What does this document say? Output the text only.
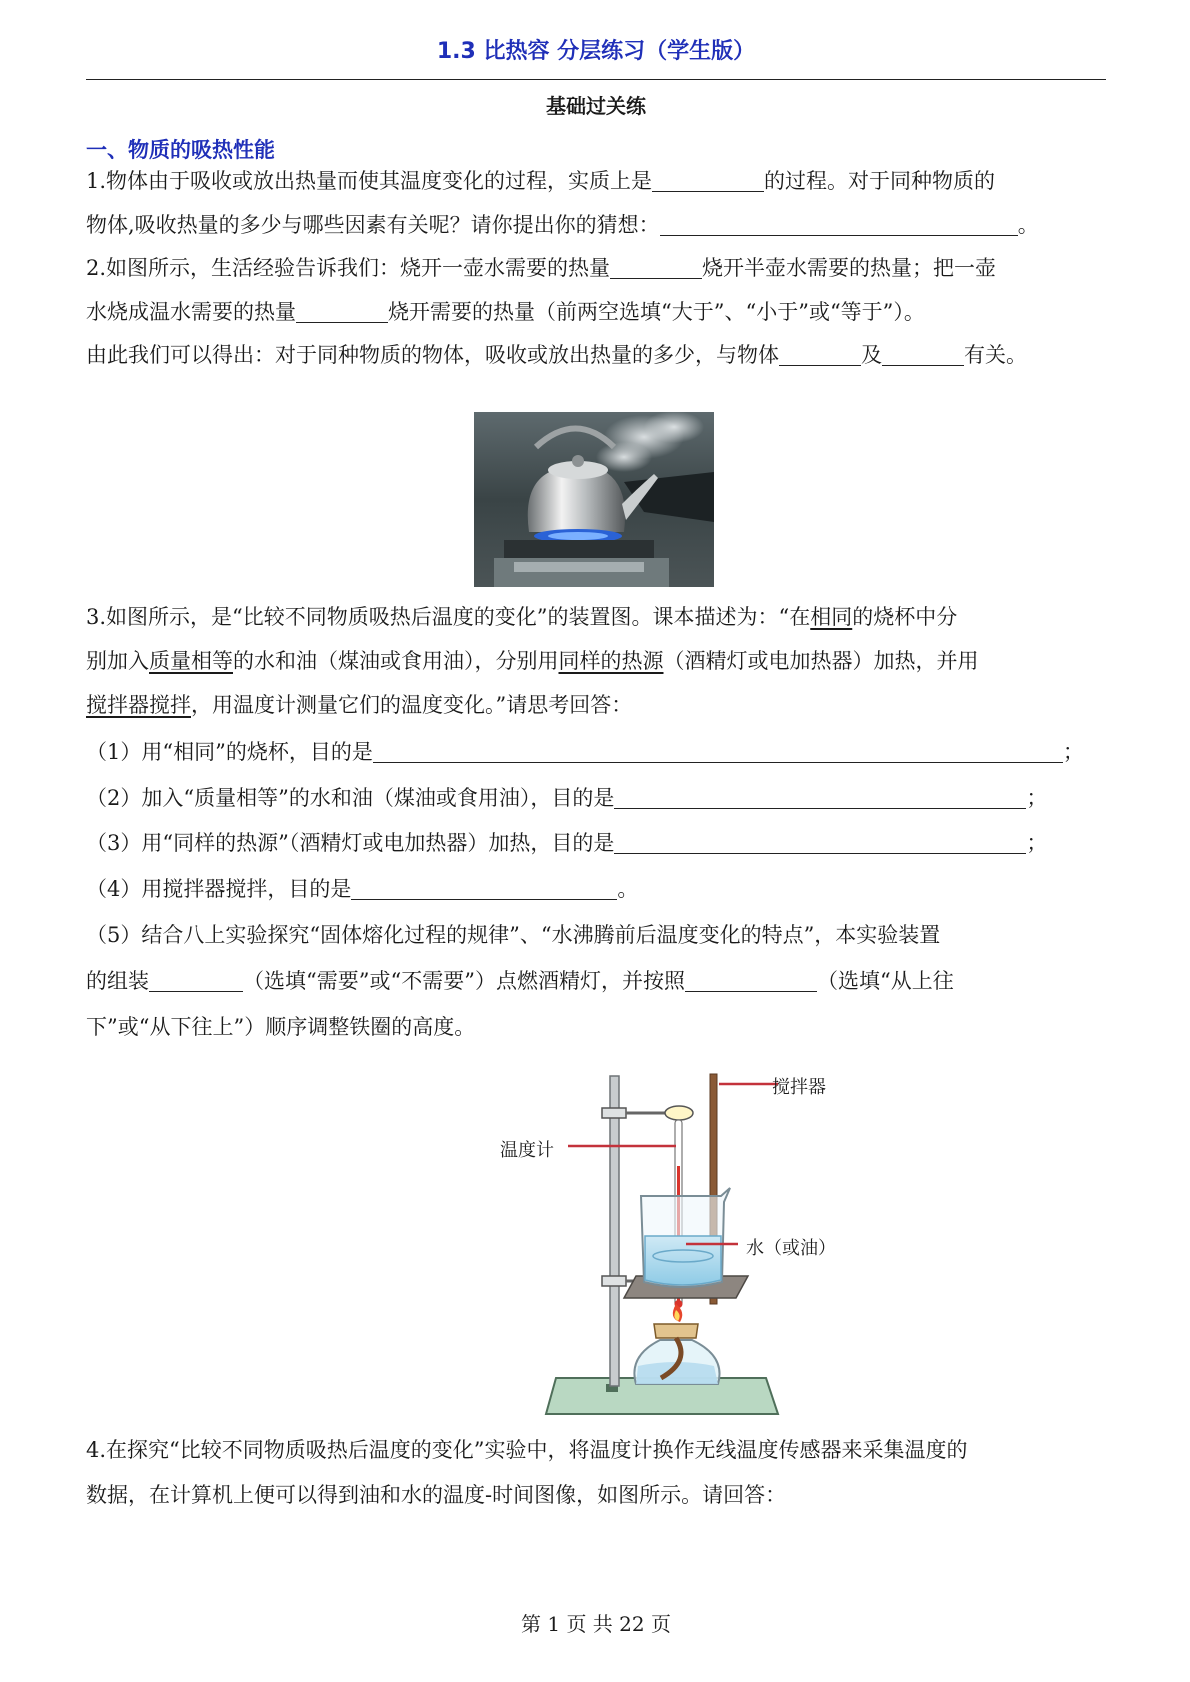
1.3 比热容 分层练习（学生版）
基础过关练
一、物质的吸热性能
1.物体由于吸收或放出热量而使其温度变化的过程，实质上是	的过程。对于同种物质的
物体,吸收热量的多少与哪些因素有关呢？请你提出你的猜想：	。
2.如图所示，生活经验告诉我们：烧开一壶水需要的热量	烧开半壶水需要的热量；把一壶
水烧成温水需要的热量	烧开需要的热量（前两空选填“大于”、“小于”或“等于”）。
由此我们可以得出：对于同种物质的物体，吸收或放出热量的多少，与物体	及	有关。
3.如图所示，是“比较不同物质吸热后温度的变化”的装置图。课本描述为：“在相同的烧杯中分
别加入质量相等的水和油（煤油或食用油），分别用同样的热源（酒精灯或电加热器）加热，并用
搅拌器搅拌，用温度计测量它们的温度变化。”请思考回答：
（1）用“相同”的烧杯，目的是	；
（2）加入“质量相等”的水和油（煤油或食用油），目的是	；
（3）用“同样的热源”（酒精灯或电加热器）加热，目的是	；
（4）用搅拌器搅拌，目的是	。
（5）结合八上实验探究“固体熔化过程的规律”、“水沸腾前后温度变化的特点”，本实验装置
的组装	（选填“需要”或“不需要”）点燃酒精灯，并按照	（选填“从上往
下”或“从下往上”）顺序调整铁圈的高度。
搅拌器
温度计
水（或油）
4.在探究“比较不同物质吸热后温度的变化”实验中，将温度计换作无线温度传感器来采集温度的
数据，在计算机上便可以得到油和水的温度-时间图像，如图所示。请回答：
第 1 页 共 22 页
